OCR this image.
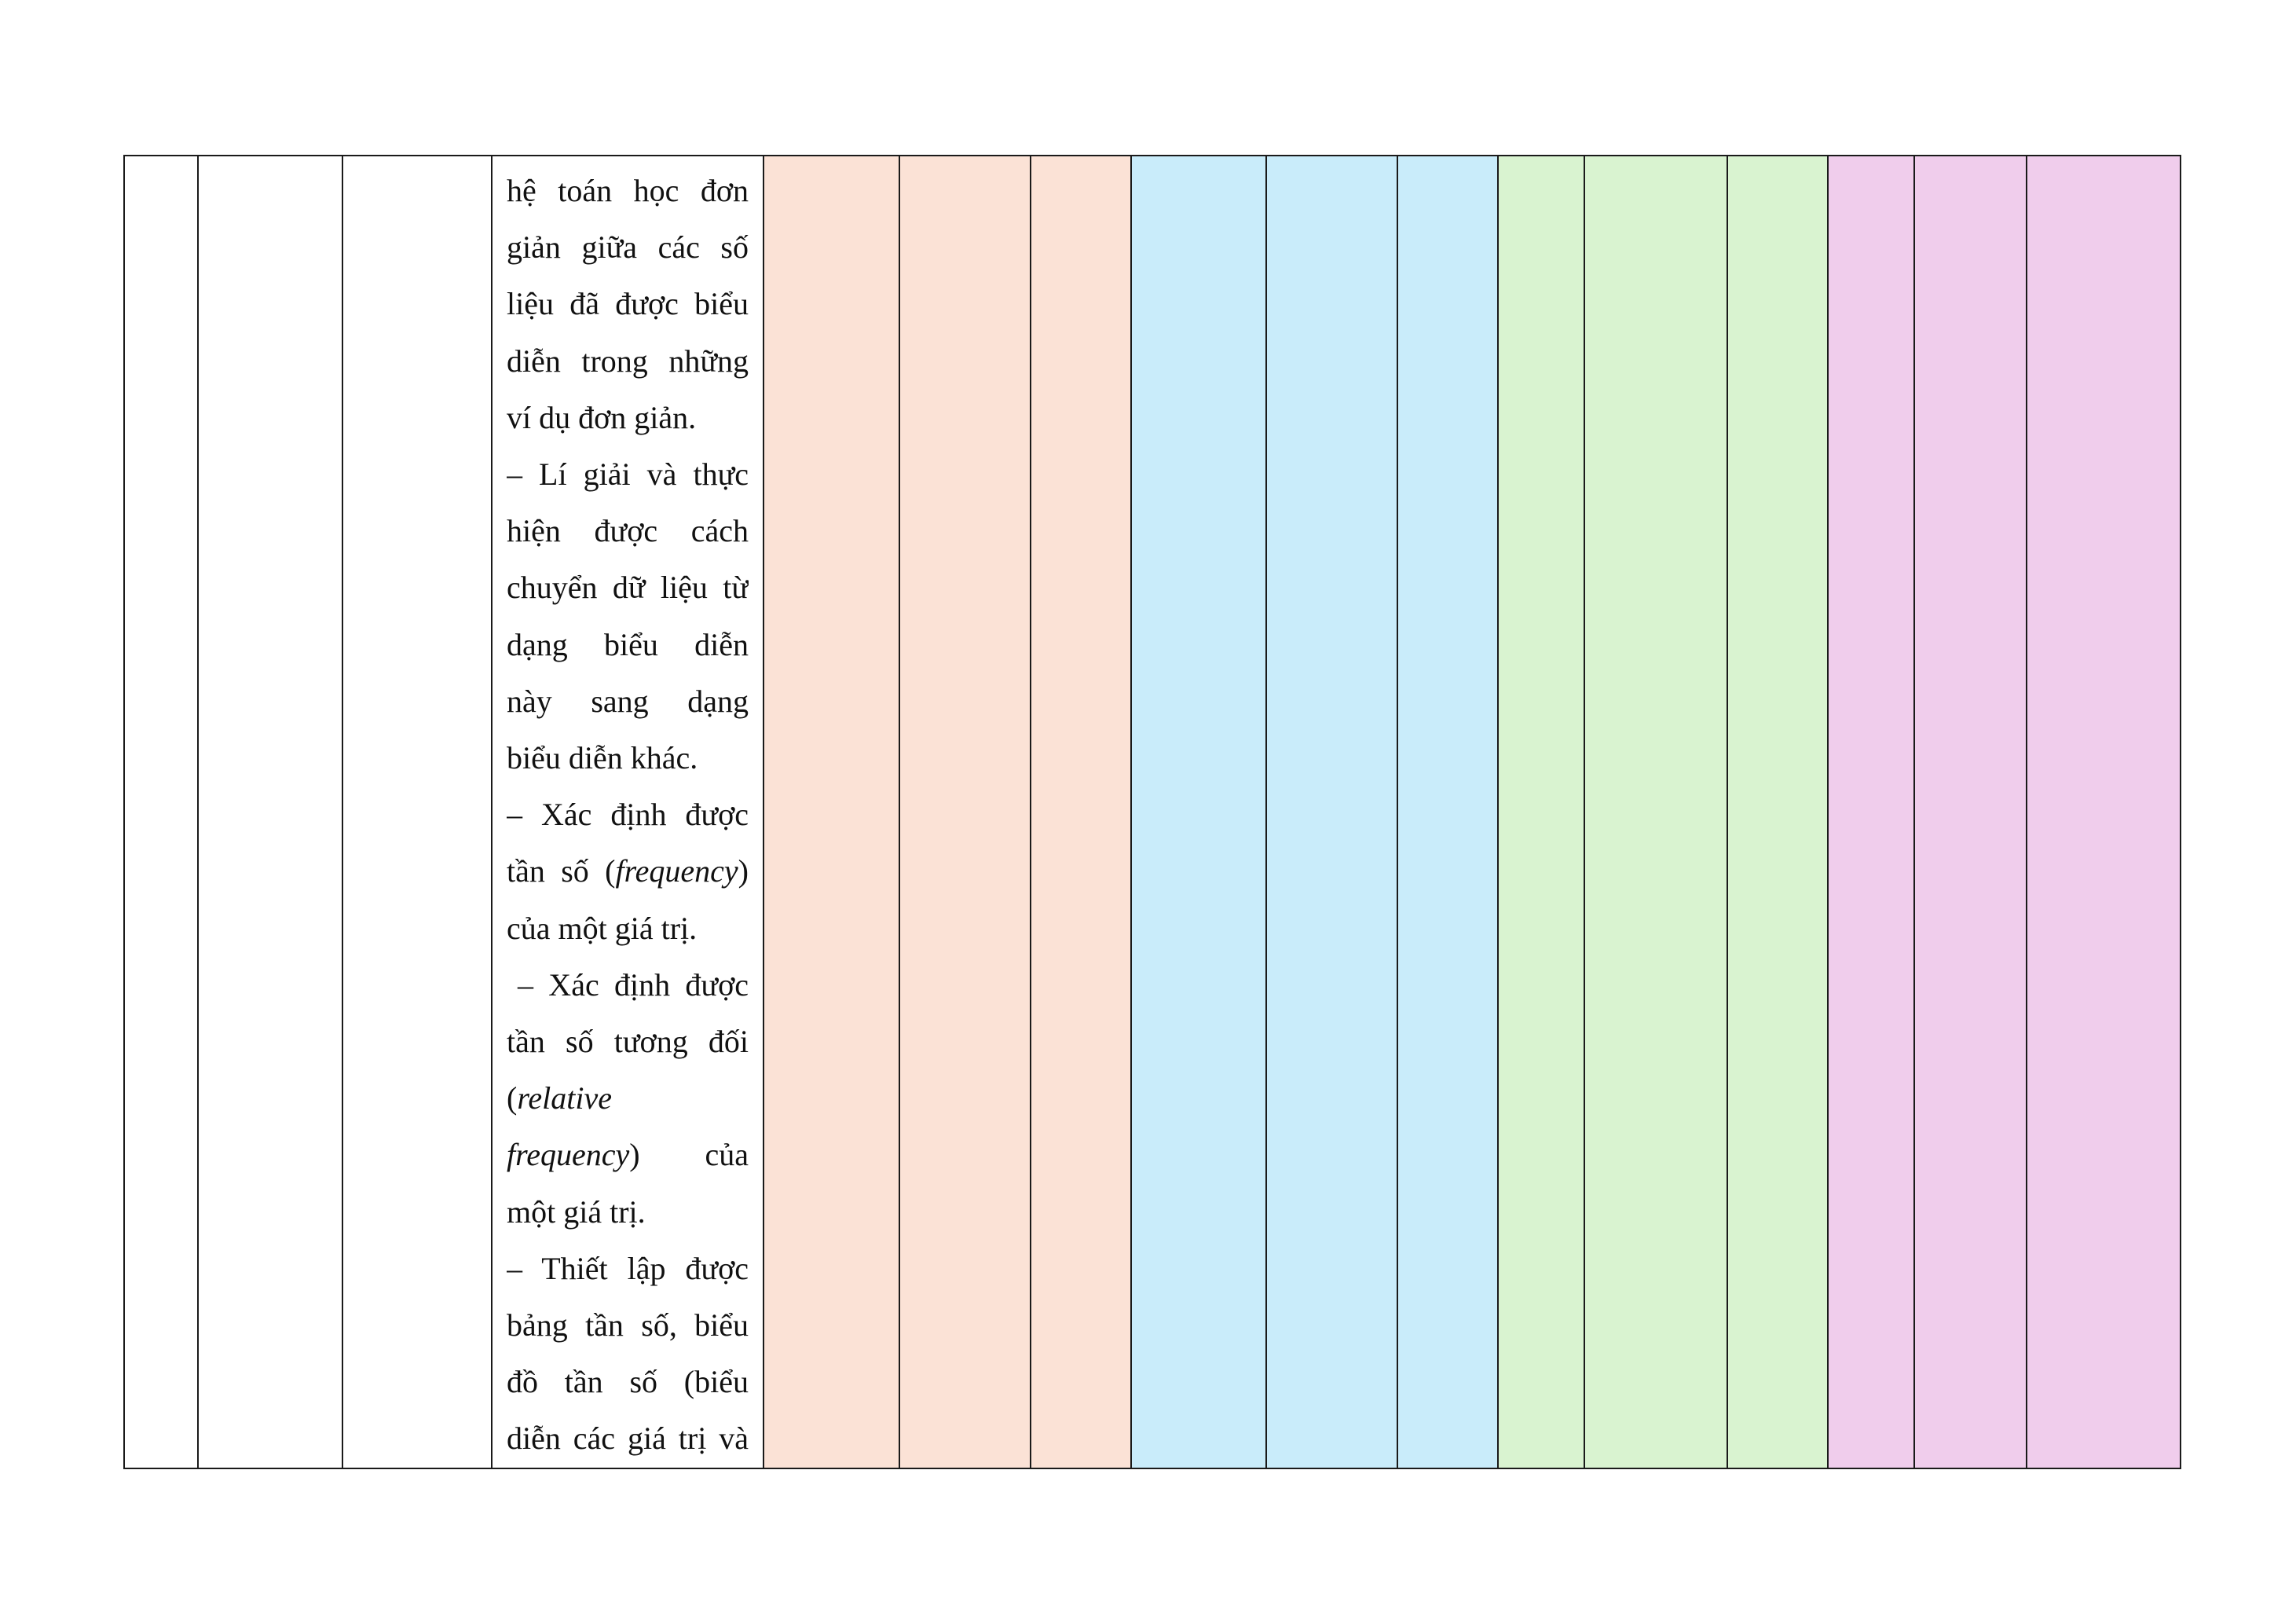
hệ toán học đơn
giản giữa các số
liệu đã được biểu
diễn trong những
ví dụ đơn giản.
– Lí giải và thực
hiện được cách
chuyển dữ liệu từ
dạng biểu diễn
này sang dạng
biểu diễn khác.
– Xác định được
tần số (frequency)
của một giá trị.
– Xác định được
tần số tương đối
(relative
frequency) của
một giá trị.
– Thiết lập được
bảng tần số, biểu
đồ tần số (biểu
diễn các giá trị và
